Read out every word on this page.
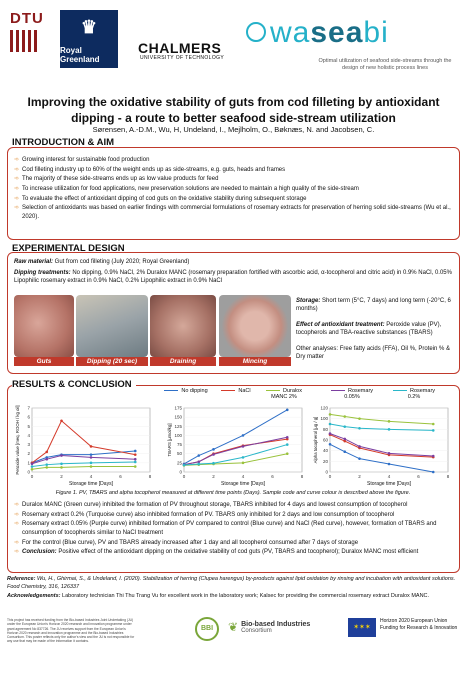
DTU ♛
Royal Greenland
CHALMERS
UNIVERSITY OF TECHNOLOGY
waseabi
Optimal utilization of seafood side-streams through the design of new holistic process lines
Improving the oxidative stability of guts from cod filleting by antioxidant dipping - a route to better seafood side-stream utilization
Sørensen, A.-D.M., Wu, H, Undeland, I., Mejlholm, O., Bøknæs, N. and Jacobsen, C.
INTRODUCTION & AIM
➾ Growing interest for sustainable food production
➾ Cod filleting industry up to 60% of the weight ends up as side-streams, e.g. guts, heads and frames
➾ The majority of these side-streams ends up as low value products for feed
➾ To increase utilization for food applications, new preservation solutions are needed to maintain a high quality of the side-stream
➾ To evaluate the effect of antioxidant dipping of cod guts on the oxidative stability during subsequent storage
➾ Selection of antioxidants was based on earlier findings with commercial formulations of rosemary extracts for preservation of herring solid side-streams (Wu et al., 2020).
EXPERIMENTAL DESIGN
Raw material: Gut from cod filleting (July 2020; Royal Greenland)
Dipping treatments: No dipping, 0.9% NaCl, 2% Duralox MANC (rosemary preparation fortified with ascorbic acid, α-tocopherol and citric acid) in 0.9% NaCl, 0.05% Lipophilic rosemary extract in 0.9% NaCl, 0.2% Lipophilic extract in 0.9% NaCl
Guts	Dipping (20 sec)	Draining	Mincing
Storage: Short term (5°C, 7 days) and long term (-20°C, 6 months)
Effect of antioxidant treatment: Peroxide value (PV), tocopherols and TBA-reactive substances (TBARS)
Other analyses: Free fatty acids (FFA), Oil %, Protein % & Dry matter
RESULTS & CONCLUSION
No dipping	NaCl	Duralox MANC 2%
Rosemary 0.05%
Rosemary 0.2%
0
1
2
3
4
5
6
7
0	2	4	6	8
Storage time [Days]
Peroxide value [meq. ROOH / kg oil]	0
25
50
75
100
125
150
175
0	2	4	6	8
Storage time [Days]
TBARS [µmol/kg]
0
20
40
60
80
100
120
0	2	4	6	8
Storage time [Days]
Alpha tocopherol [µg / g]
Figure 1. PV, TBARS and alpha tocopherol measured at different time points (Days). Sample code and curve colour is described above the figure.
➾ Duralox MANC (Green curve) inhibited the formation of PV throughout storage, TBARS inhibited for 4 days and lowest consumption of tocopherol
➾ Rosemary extract 0.2% (Turquoise curve) also inhibited formation of PV. TBARS only inhibited for 2 days and low consumption of tocopherol
➾ Rosemary extract 0.05% (Purple curve) inhibited formation of PV compared to control (Blue curve) and NaCl (Red curve), however, formation of TBARS and consumption of tocopherols similar to NaCl treatment
➾ For the control (Blue curve), PV and TBARS already increased after 1 day and all tocopherol consumed after 7 days of storage
➾ Conclusion: Positive effect of the antioxidant dipping on the oxidative stability of cod guts (PV, TBARS and tocopherol); Duralox MANC most efficient
Reference: Wu, H., Ghirmai, S., & Undeland, I. (2020). Stabilization of herring (Clupea harengus) by-products against lipid oxidation by rinsing and incubation with antioxidant solutions. Food Chemistry, 316, 126337
Acknowledgements: Laboratory technician Thi Thu Trang Vu for excellent work in the laboratory work; Kalsec for providing the commercial rosemary extract Duralox MANC.
This project has received funding from the Bio-based Industries Joint Undertaking (JU) under the European Union's Horizon 2020 research and innovation programme under grant agreement No 837726. The JU receives support from the European Union's Horizon 2020 research and innovation programme and the Bio-based Industries Consortium. This poster reflects only the author's view and the JU is not responsible for any use that may be made of the information it contains.
BBI	❦ Bio-based Industries
Consortium	✶✶✶
Horizon 2020 European Union Funding for Research & Innovation
